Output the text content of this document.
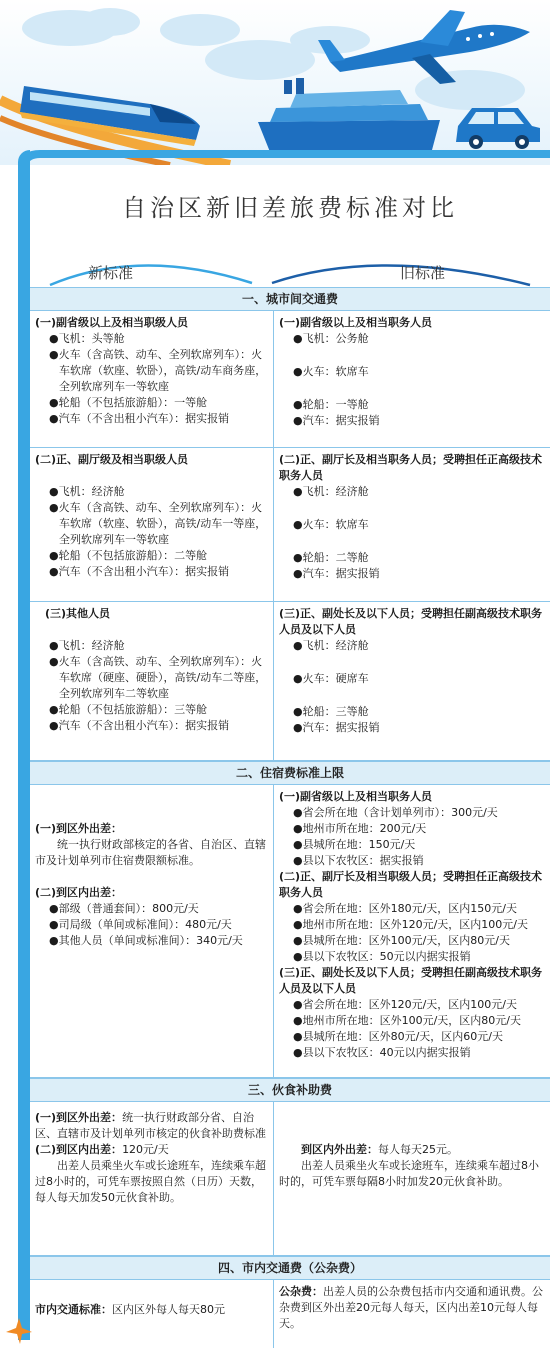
自治区新旧差旅费标准对比
新标准	旧标准
一、城市间交通费
(一)副省级以上及相当职级人员
●飞机：头等舱
●火车（含高铁、动车、全列软席列车）：火车软席（软座、软卧），高铁/动车商务座，全列软席列车一等软座
●轮船（不包括旅游船）：一等舱
●汽车（不含出租小汽车）：据实报销
(一)副省级以上及相当职务人员
●飞机：公务舱
●火车：软席车
●轮船：一等舱
●汽车：据实报销
(二)正、副厅级及相当职级人员
●飞机：经济舱
●火车（含高铁、动车、全列软席列车）：火车软席（软座、软卧），高铁/动车一等座，全列软席列车一等软座
●轮船（不包括旅游船）：二等舱
●汽车（不含出租小汽车）：据实报销
(二)正、副厅长及相当职务人员；受聘担任正高级技术职务人员
●飞机：经济舱
●火车：软席车
●轮船：二等舱
●汽车：据实报销
(三)其他人员
●飞机：经济舱
●火车（含高铁、动车、全列软席列车）：火车软席（硬座、硬卧），高铁/动车二等座，全列软席列车二等软座
●轮船（不包括旅游船）：三等舱
●汽车（不含出租小汽车）：据实报销
(三)正、副处长及以下人员；受聘担任副高级技术职务人员及以下人员
●飞机：经济舱
●火车：硬席车
●轮船：三等舱
●汽车：据实报销
二、住宿费标准上限
(一)到区外出差：
统一执行财政部核定的各省、自治区、直辖市及计划单列市住宿费限额标准。
(二)到区内出差：
●部级（普通套间）：800元/天
●司局级（单间或标准间）：480元/天
●其他人员（单间或标准间）：340元/天
(一)副省级以上及相当职务人员
●省会所在地（含计划单列市）：300元/天
●地州市所在地：200元/天
●县城所在地：150元/天
●县以下农牧区：据实报销
(二)正、副厅长及相当职级人员；受聘担任正高级技术职务人员
●省会所在地：区外180元/天，区内150元/天
●地州市所在地：区外120元/天，区内100元/天
●县城所在地：区外100元/天，区内80元/天
●县以下农牧区：50元以内据实报销
(三)正、副处长及以下人员；受聘担任副高级技术职务人员及以下人员
●省会所在地：区外120元/天，区内100元/天
●地州市所在地：区外100元/天，区内80元/天
●县城所在地：区外80元/天，区内60元/天
●县以下农牧区：40元以内据实报销
三、伙食补助费
(一)到区外出差：统一执行财政部分省、自治区、直辖市及计划单列市核定的伙食补助费标准 (二)到区内出差：120元/天
出差人员乘坐火车或长途班车，连续乘车超过8小时的，可凭车票按照自然（日历）天数，每人每天加发50元伙食补助。
到区内外出差：每人每天25元。
出差人员乘坐火车或长途班车，连续乘车超过8小时的，可凭车票每隔8小时加发20元伙食补助。
四、市内交通费（公杂费）
市内交通标准：区内区外每人每天80元
公杂费：出差人员的公杂费包括市内交通和通讯费。公杂费到区外出差20元每人每天，区内出差10元每人每天。
